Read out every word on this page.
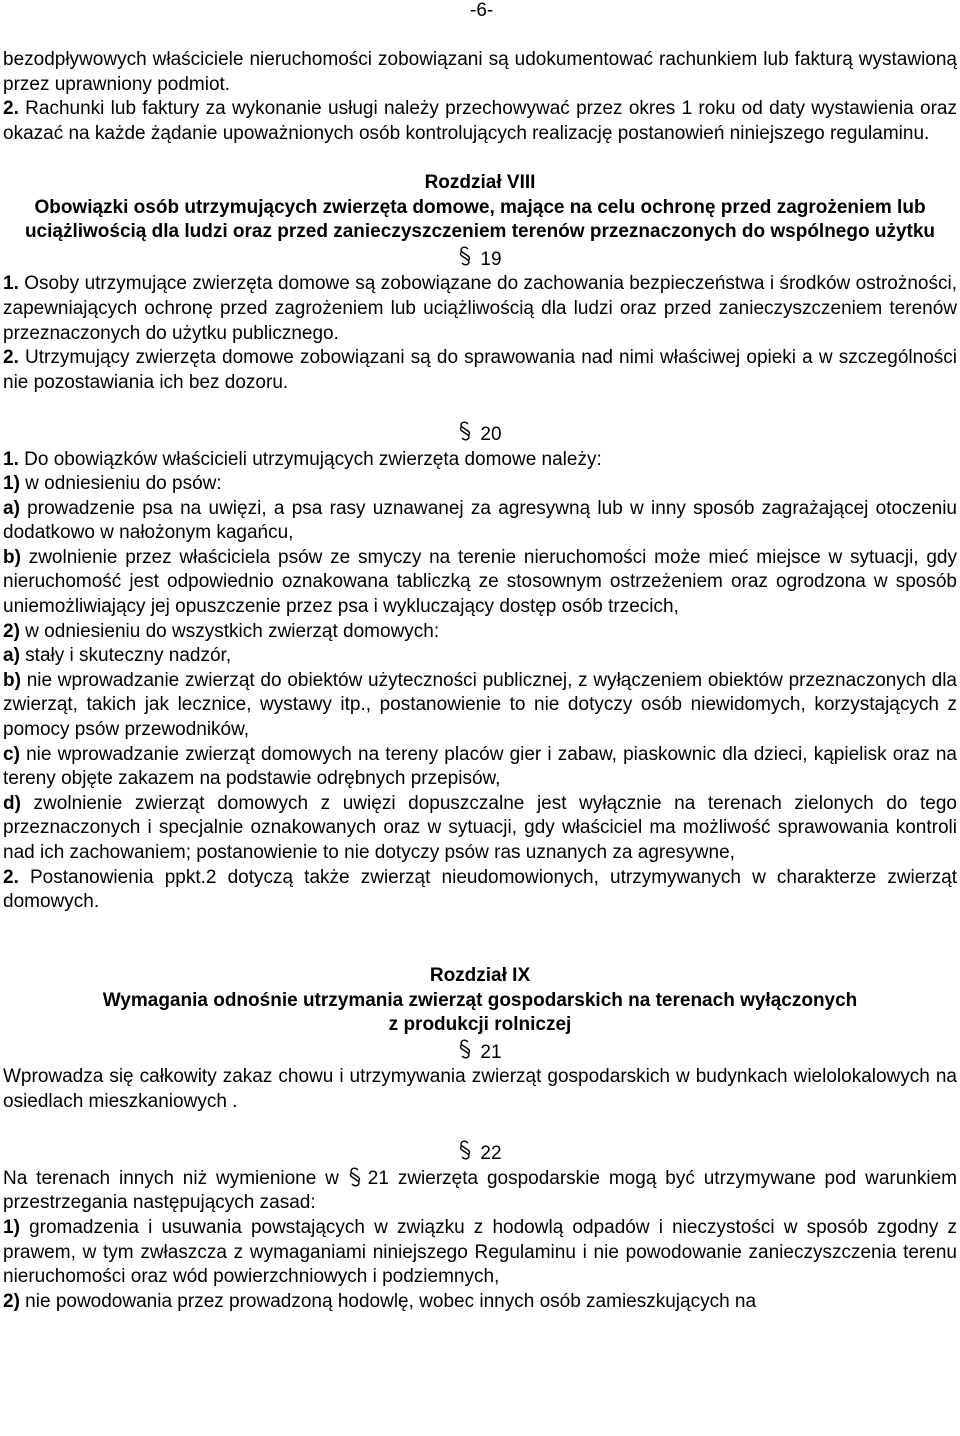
-6-

bezodpływowych właściciele nieruchomości zobowiązani są udokumentować rachunkiem lub fakturą wystawioną przez uprawniony podmiot.

2. Rachunki lub faktury za wykonanie usługi należy przechowywać przez okres 1 roku od daty wystawienia oraz okazać na każde żądanie upoważnionych osób kontrolujących realizację postanowień niniejszego regulaminu.

Rozdział VIII

Obowiązki osób utrzymujących zwierzęta domowe, mające na celu ochronę przed zagrożeniem lub uciążliwością dla ludzi oraz przed zanieczyszczeniem terenów przeznaczonych do wspólnego użytku

19

1. Osoby utrzymujące zwierzęta domowe są zobowiązane do zachowania bezpieczeństwa i środków ostrożności, zapewniających ochronę przed zagrożeniem lub uciążliwością dla ludzi oraz przed zanieczyszczeniem terenów przeznaczonych do użytku publicznego.

2. Utrzymujący zwierzęta domowe zobowiązani są do sprawowania nad nimi właściwej opieki a w szczególności nie pozostawiania ich bez dozoru.

20

1. Do obowiązków właścicieli utrzymujących zwierzęta domowe należy:

1) w odniesieniu do psów:

a) prowadzenie psa na uwięzi, a psa rasy uznawanej za agresywną lub w inny sposób zagrażającej otoczeniu dodatkowo w nałożonym kagańcu,

b) zwolnienie przez właściciela psów ze smyczy na terenie nieruchomości może mieć miejsce w sytuacji, gdy nieruchomość jest odpowiednio oznakowana tabliczką ze stosownym ostrzeżeniem oraz ogrodzona w sposób uniemożliwiający jej opuszczenie przez psa i wykluczający dostęp osób trzecich,

2) w odniesieniu do wszystkich zwierząt domowych:

a) stały i skuteczny nadzór,

b) nie wprowadzanie zwierząt do obiektów użyteczności publicznej, z wyłączeniem obiektów przeznaczonych dla zwierząt, takich jak lecznice, wystawy itp., postanowienie to nie dotyczy osób niewidomych, korzystających z pomocy psów przewodników,

c) nie wprowadzanie zwierząt domowych na tereny placów gier i zabaw, piaskownic dla dzieci, kąpielisk oraz na tereny objęte zakazem na podstawie odrębnych przepisów,

d) zwolnienie zwierząt domowych z uwięzi dopuszczalne jest wyłącznie na terenach zielonych do tego przeznaczonych i specjalnie oznakowanych oraz w sytuacji, gdy właściciel ma możliwość sprawowania kontroli nad ich zachowaniem; postanowienie to nie dotyczy psów ras uznanych za agresywne,

2. Postanowienia ppkt.2 dotyczą także zwierząt nieudomowionych, utrzymywanych w charakterze zwierząt domowych.

Rozdział IX

Wymagania odnośnie utrzymania zwierząt gospodarskich na terenach wyłączonych

z produkcji rolniczej

21

Wprowadza się całkowity zakaz chowu i utrzymywania zwierząt gospodarskich w budynkach wielolokalowych na osiedlach mieszkaniowych .

22

Na terenach innych niż wymienione w 21 zwierzęta gospodarskie mogą być utrzymywane pod warunkiem przestrzegania następujących zasad:

1) gromadzenia i usuwania powstających w związku z hodowlą odpadów i nieczystości w sposób zgodny z prawem, w tym zwłaszcza z wymaganiami niniejszego Regulaminu i nie powodowanie zanieczyszczenia terenu nieruchomości oraz wód powierzchniowych i podziemnych,

2) nie powodowania przez prowadzoną hodowlę, wobec innych osób zamieszkujących na
